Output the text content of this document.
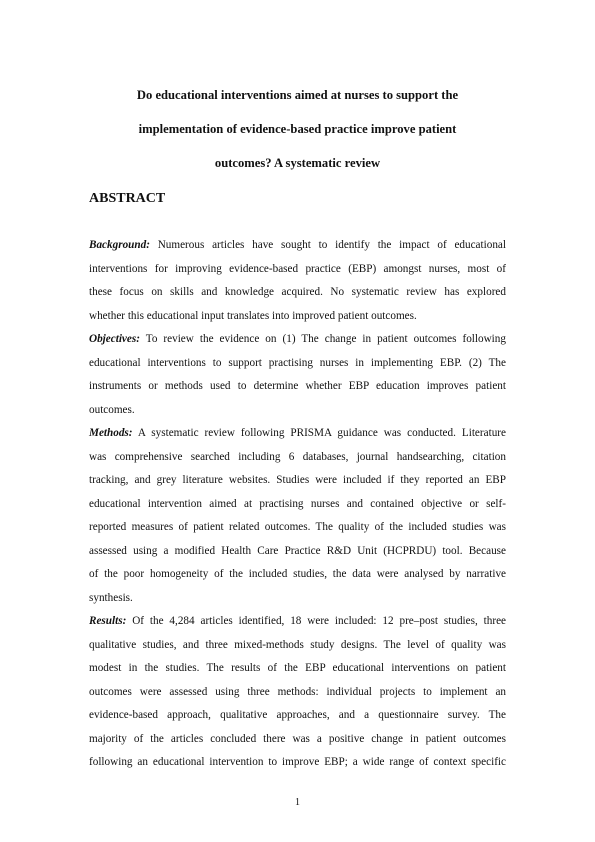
Do educational interventions aimed at nurses to support the
implementation of evidence-based practice improve patient
outcomes? A systematic review
ABSTRACT
Background: Numerous articles have sought to identify the impact of educational
interventions for improving evidence-based practice (EBP) amongst nurses, most of
these focus on skills and knowledge acquired. No systematic review has explored
whether this educational input translates into improved patient outcomes.
Objectives: To review the evidence on (1) The change in patient outcomes following
educational interventions to support practising nurses in implementing EBP. (2) The
instruments or methods used to determine whether EBP education improves patient
outcomes.
Methods: A systematic review following PRISMA guidance was conducted. Literature
was comprehensive searched including 6 databases, journal handsearching, citation
tracking, and grey literature websites. Studies were included if they reported an EBP
educational intervention aimed at practising nurses and contained objective or self-
reported measures of patient related outcomes. The quality of the included studies was
assessed using a modified Health Care Practice R&D Unit (HCPRDU) tool. Because
of the poor homogeneity of the included studies, the data were analysed by narrative
synthesis.
Results: Of the 4,284 articles identified, 18 were included: 12 pre–post studies, three
qualitative studies, and three mixed-methods study designs. The level of quality was
modest in the studies. The results of the EBP educational interventions on patient
outcomes were assessed using three methods: individual projects to implement an
evidence-based approach, qualitative approaches, and a questionnaire survey. The
majority of the articles concluded there was a positive change in patient outcomes
following an educational intervention to improve EBP; a wide range of context specific
1
